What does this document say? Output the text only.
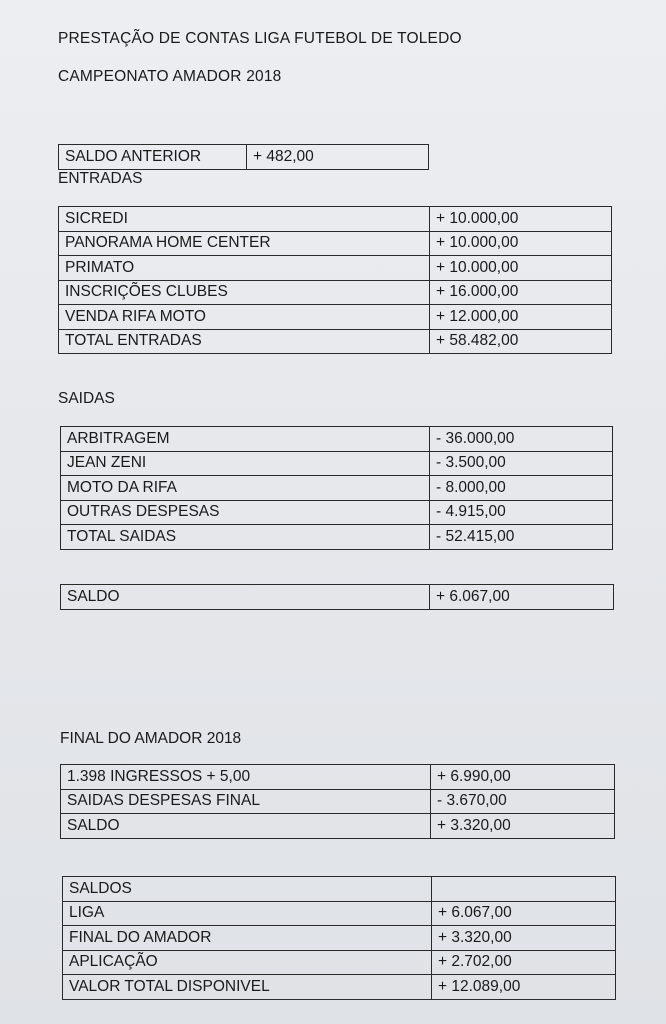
PRESTAÇÃO DE CONTAS LIGA FUTEBOL DE TOLEDO
CAMPEONATO AMADOR 2018
SALDO ANTERIOR	+ 482,00
ENTRADAS
SICREDI	+ 10.000,00
PANORAMA HOME CENTER	+ 10.000,00
PRIMATO	+ 10.000,00
INSCRIÇÕES CLUBES	+ 16.000,00
VENDA RIFA MOTO	+ 12.000,00
TOTAL ENTRADAS	+ 58.482,00
SAIDAS
ARBITRAGEM	- 36.000,00
JEAN ZENI	- 3.500,00
MOTO DA RIFA	- 8.000,00
OUTRAS DESPESAS	- 4.915,00
TOTAL SAIDAS	- 52.415,00
SALDO	+ 6.067,00
FINAL DO AMADOR 2018
1.398 INGRESSOS + 5,00	+ 6.990,00
SAIDAS DESPESAS FINAL	- 3.670,00
SALDO	+ 3.320,00
SALDOS	
LIGA	+ 6.067,00
FINAL DO AMADOR	+ 3.320,00
APLICAÇÃO	+ 2.702,00
VALOR TOTAL DISPONIVEL	+ 12.089,00
